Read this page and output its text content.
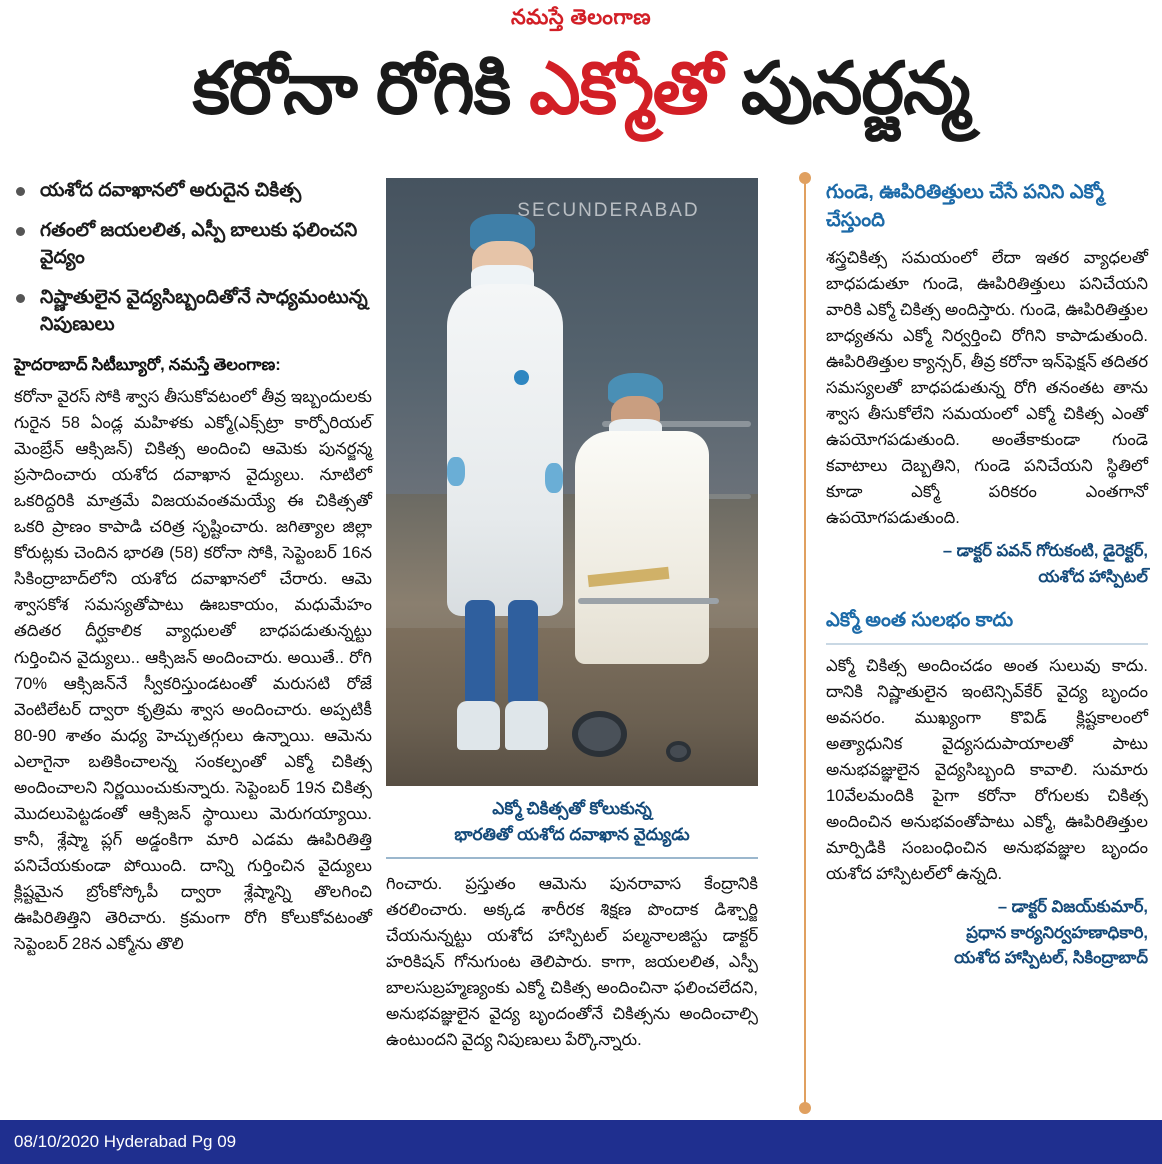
నమస్తే తెలంగాణ
కరోనా రోగికి ఎక్మోతో పునర్జన్మ
యశోద దవాఖానలో అరుదైన చికిత్స
గతంలో జయలలిత, ఎస్పీ బాలుకు ఫలించని వైద్యం
నిష్ణాతులైన వైద్యసిబ్బందితోనే సాధ్యమంటున్న నిపుణులు

హైదరాబాద్ సిటీబ్యూరో, నమస్తే తెలంగాణ:

కరోనా వైరస్ సోకి శ్వాస తీసుకోవటంలో తీవ్ర ఇబ్బందులకు గురైన 58 ఏండ్ల మహిళకు ఎక్మో(ఎక్స్‌ట్రా కార్పోరియల్ మెంబ్రేన్ ఆక్సిజన్) చికిత్స అందించి ఆమెకు పునర్జన్మ ప్రసాదించారు యశోద దవాఖాన వైద్యులు. నూటిలో ఒకరిద్దరికి మాత్రమే విజయవంతమయ్యే ఈ చికిత్సతో ఒకరి ప్రాణం కాపాడి చరిత్ర సృష్టించారు. జగిత్యాల జిల్లా కోరుట్లకు చెందిన భారతి (58) కరోనా సోకి, సెప్టెంబర్ 16న సికింద్రాబాద్‌లోని యశోద దవాఖానలో చేరారు. ఆమె శ్వాసకోశ సమస్యతోపాటు ఊబకాయం, మధుమేహం తదితర దీర్ఘకాలిక వ్యాధులతో బాధపడుతున్నట్టు గుర్తించిన వైద్యులు.. ఆక్సిజన్ అందించారు. అయితే.. రోగి 70% ఆక్సిజన్‌నే స్వీకరిస్తుండటంతో మరుసటి రోజే వెంటిలేటర్ ద్వారా కృత్రిమ శ్వాస అందించారు. అప్పటికీ 80-90 శాతం మధ్య హెచ్చుతగ్గులు ఉన్నాయి. ఆమెను ఎలాగైనా బతికించాలన్న సంకల్పంతో ఎక్మో చికిత్స అందించాలని నిర్ణయించుకున్నారు. సెప్టెంబర్ 19న చికిత్స మొదలుపెట్టడంతో ఆక్సిజన్ స్థాయిలు మెరుగయ్యాయి. కానీ, శ్లేష్మా ప్లగ్ అడ్డంకిగా మారి ఎడమ ఊపిరితిత్తి పనిచేయకుండా పోయింది. దాన్ని గుర్తించిన వైద్యులు క్లిష్టమైన బ్రోంకోస్కోపీ ద్వారా శ్లేష్మాన్ని తొలగించి ఊపిరితిత్తిని తెరిచారు. క్రమంగా రోగి కోలుకోవటంతో సెప్టెంబర్ 28న ఎక్మోను తొలి

SECUNDERABAD
ఎక్మో చికిత్సతో కోలుకున్న
భారతితో యశోద దవాఖాన వైద్యుడు

గించారు. ప్రస్తుతం ఆమెను పునరావాస కేంద్రానికి తరలించారు. అక్కడ శారీరక శిక్షణ పొందాక డిశ్చార్జి చేయనున్నట్టు యశోద హాస్పిటల్ పల్మనాలజిస్టు డాక్టర్ హరికిషన్ గోనుగుంట తెలిపారు. కాగా, జయలలిత, ఎస్పీ బాలసుబ్రహ్మణ్యంకు ఎక్మో చికిత్స అందించినా ఫలించలేదని, అనుభవజ్ఞులైన వైద్య బృందంతోనే చికిత్సను అందించాల్సి ఉంటుందని వైద్య నిపుణులు పేర్కొన్నారు.

గుండె, ఊపిరితిత్తులు చేసే పనిని ఎక్మో చేస్తుంది

శస్త్రచికిత్స సమయంలో లేదా ఇతర వ్యాధలతో బాధపడుతూ గుండె, ఊపిరితిత్తులు పనిచేయని వారికి ఎక్మో చికిత్స అందిస్తారు. గుండె, ఊపిరితిత్తుల బాధ్యతను ఎక్మో నిర్వర్తించి రోగిని కాపాడుతుంది. ఊపిరితిత్తుల క్యాన్సర్, తీవ్ర కరోనా ఇన్‌ఫెక్షన్ తదితర సమస్యలతో బాధపడుతున్న రోగి తనంతట తాను శ్వాస తీసుకోలేని సమయంలో ఎక్మో చికిత్స ఎంతో ఉపయోగపడుతుంది. అంతేకాకుండా గుండె కవాటాలు దెబ్బతిని, గుండె పనిచేయని స్థితిలో కూడా ఎక్మో పరికరం ఎంతగానో ఉపయోగపడుతుంది.

– డాక్టర్ పవన్ గోరుకంటి, డైరెక్టర్,
యశోద హాస్పిటల్
ఎక్మో అంత సులభం కాదు

ఎక్మో చికిత్స అందించడం అంత సులువు కాదు. దానికి నిష్ణాతులైన ఇంటెన్సివ్‌కేర్ వైద్య బృందం అవసరం. ముఖ్యంగా కొవిడ్ క్లిష్టకాలంలో అత్యాధునిక వైద్యసదుపాయాలతో పాటు అనుభవజ్ఞులైన వైద్యసిబ్బంది కావాలి. సుమారు 10వేలమందికి పైగా కరోనా రోగులకు చికిత్స అందించిన అనుభవంతోపాటు ఎక్మో, ఊపిరితిత్తుల మార్పిడికి సంబంధించిన అనుభవజ్ఞుల బృందం యశోద హాస్పిటల్‌లో ఉన్నది.

– డాక్టర్ విజయ్‌కుమార్,
ప్రధాన కార్యనిర్వహణాధికారి,
యశోద హాస్పిటల్, సికింద్రాబాద్
08/10/2020 Hyderabad Pg 09
